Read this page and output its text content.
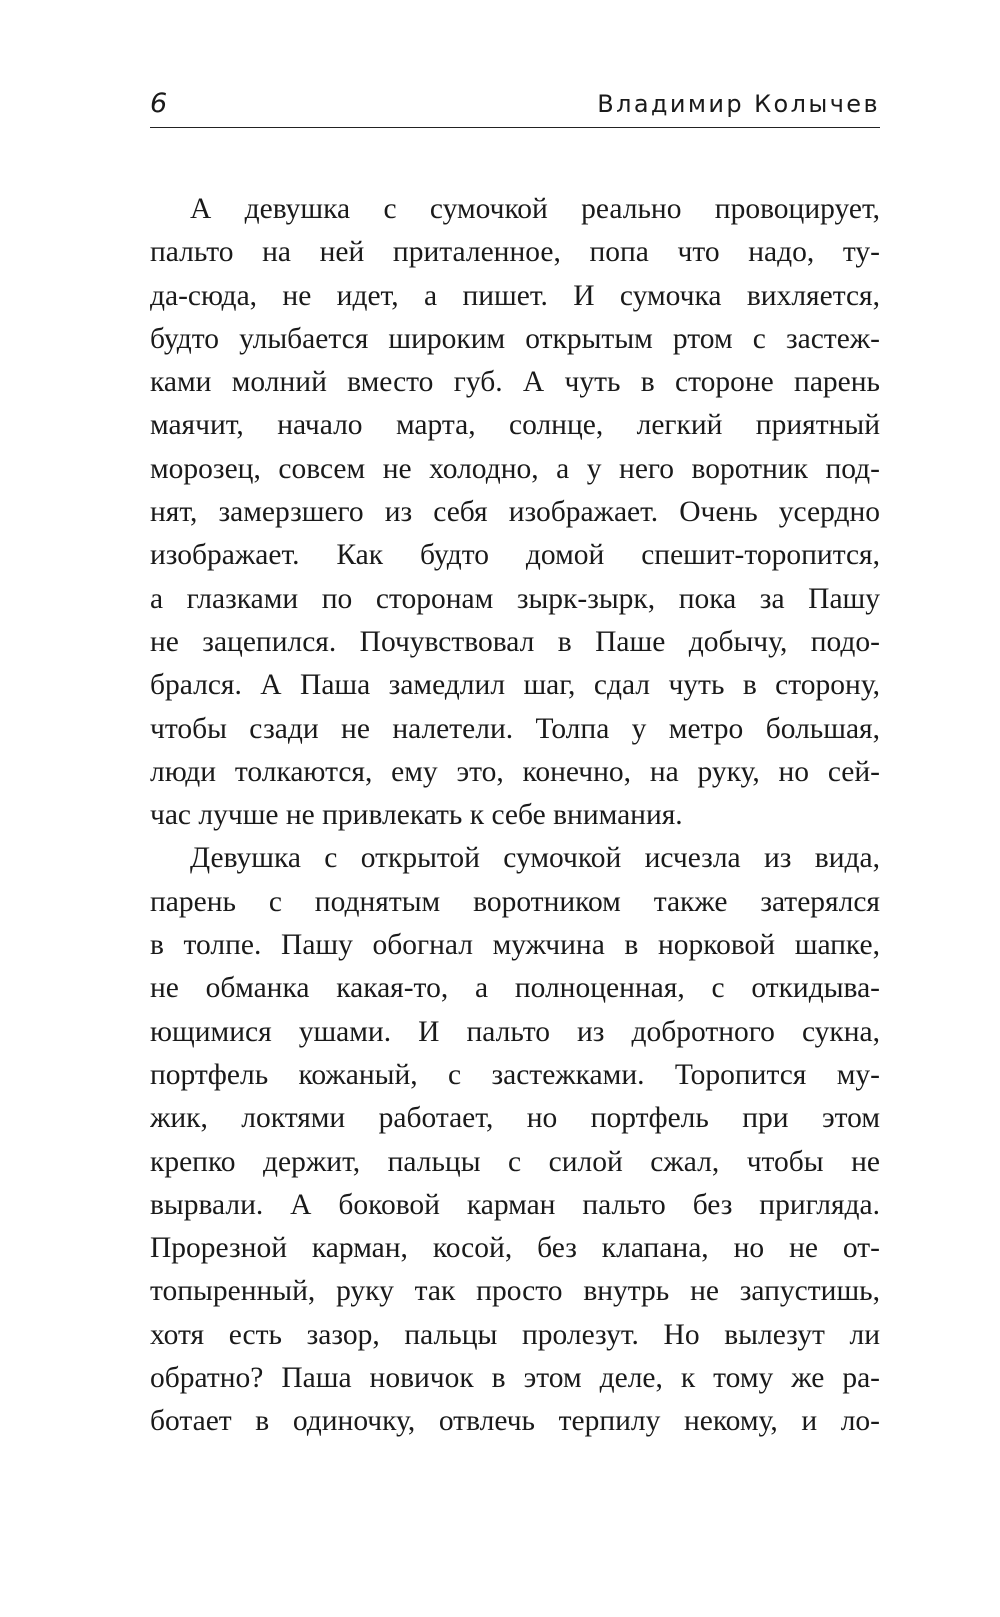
6	Владимир Колычев
А девушка с сумочкой реально провоцирует,
пальто на ней приталенное, попа что надо, ту-
да-сюда, не идет, а пишет. И сумочка вихляется,
будто улыбается широким открытым ртом с застеж-
ками молний вместо губ. А чуть в стороне парень
маячит, начало марта, солнце, легкий приятный
морозец, совсем не холодно, а у него воротник под-
нят, замерзшего из себя изображает. Очень усердно
изображает. Как будто домой спешит-торопится,
а глазками по сторонам зырк-зырк, пока за Пашу
не зацепился. Почувствовал в Паше добычу, подо-
брался. А Паша замедлил шаг, сдал чуть в сторону,
чтобы сзади не налетели. Толпа у метро большая,
люди толкаются, ему это, конечно, на руку, но сей-
час лучше не привлекать к себе внимания.
Девушка с открытой сумочкой исчезла из вида,
парень с поднятым воротником также затерялся
в толпе. Пашу обогнал мужчина в норковой шапке,
не обманка какая-то, а полноценная, с откидыва-
ющимися ушами. И пальто из добротного сукна,
портфель кожаный, с застежками. Торопится му-
жик, локтями работает, но портфель при этом
крепко держит, пальцы с силой сжал, чтобы не
вырвали. А боковой карман пальто без пригляда.
Прорезной карман, косой, без клапана, но не от-
топыренный, руку так просто внутрь не запустишь,
хотя есть зазор, пальцы пролезут. Но вылезут ли
обратно? Паша новичок в этом деле, к тому же ра-
ботает в одиночку, отвлечь терпилу некому, и ло-
